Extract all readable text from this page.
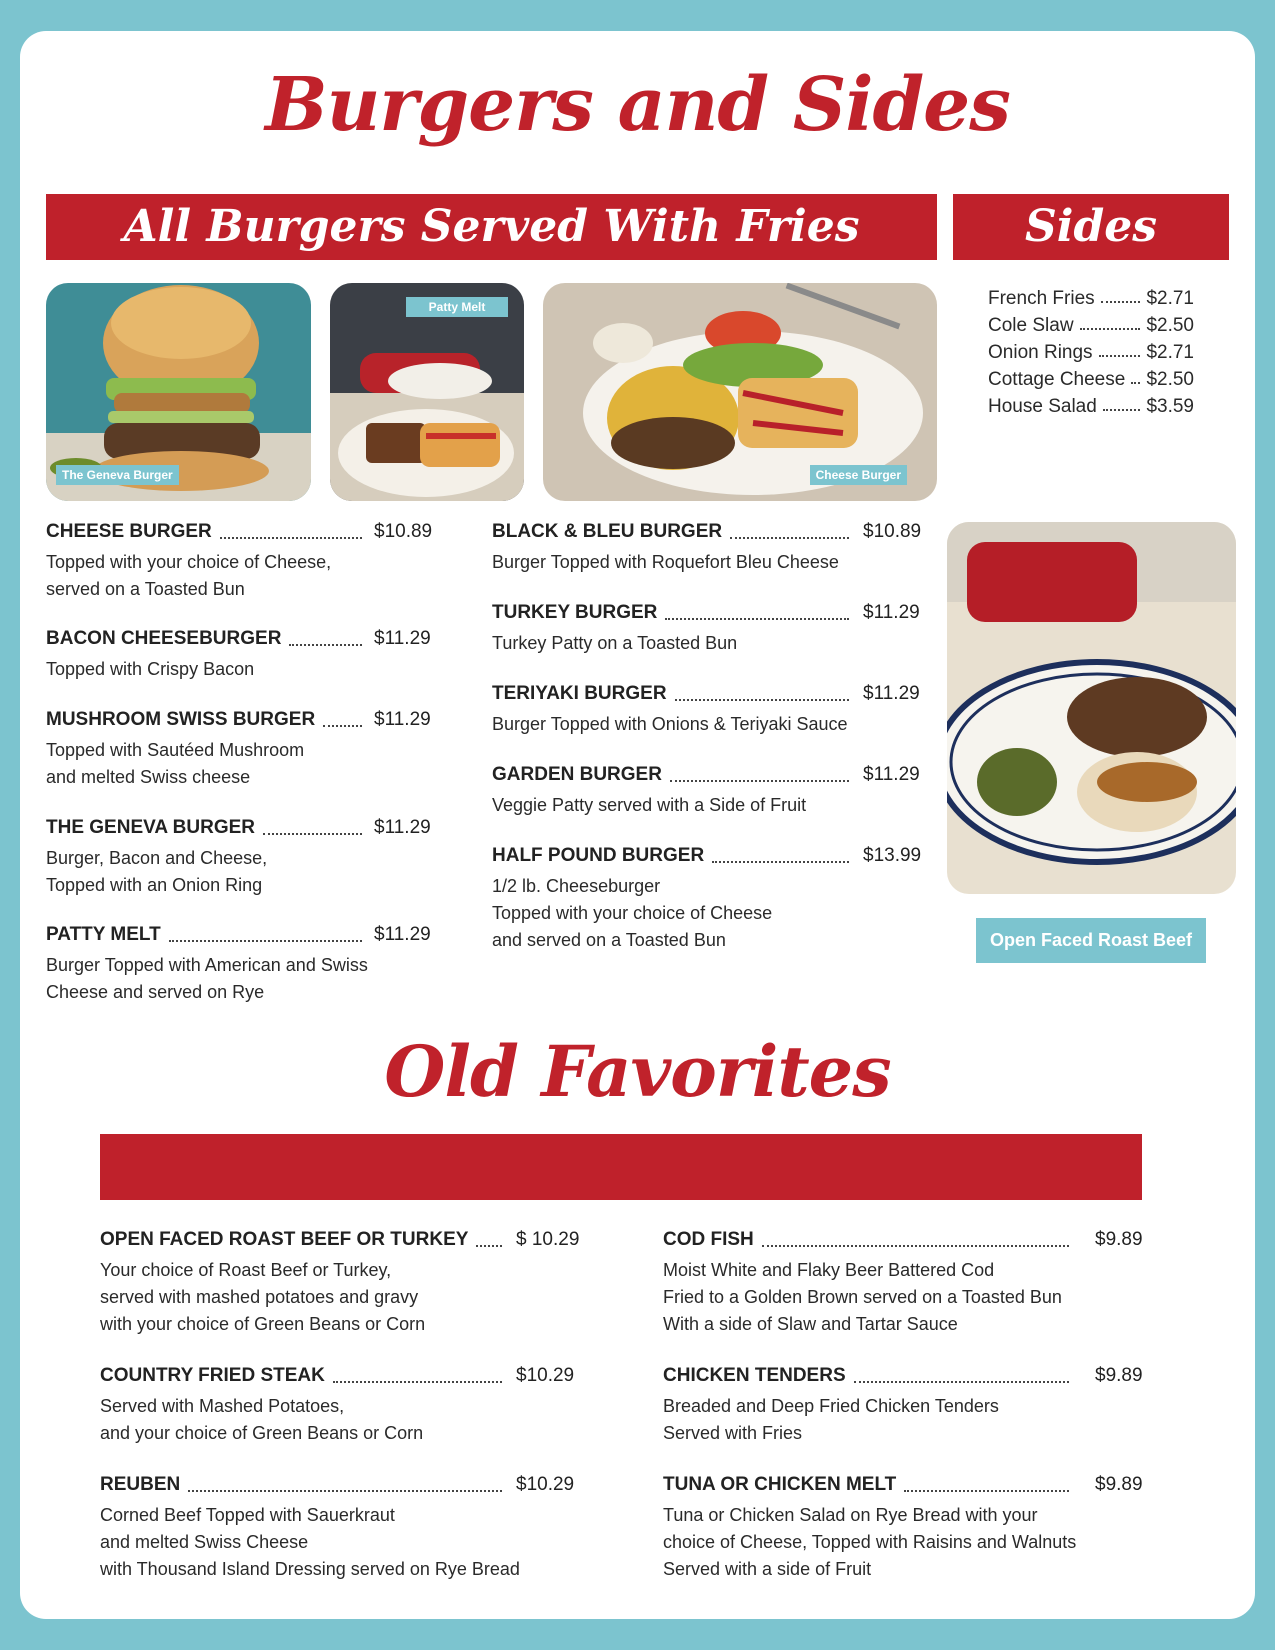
Burgers and Sides
All Burgers Served With Fries	Sides
The Geneva Burger
Patty Melt
Cheese Burger
Open Faced Roast Beef
French Fries	$2.71
Cole Slaw	$2.50
Onion Rings	$2.71
Cottage Cheese $2.50
House Salad	$3.59
CHEESE BURGER	$10.89
Topped with your choice of Cheese,
served on a Toasted Bun
BACON CHEESEBURGER	$11.29
Topped with Crispy Bacon
MUSHROOM SWISS BURGER	$11.29
Topped with Sautéed Mushroom
and melted Swiss cheese
THE GENEVA BURGER	$11.29
Burger, Bacon and Cheese,
Topped with an Onion Ring
PATTY MELT	$11.29
Burger Topped with American and Swiss
Cheese and served on Rye
BLACK & BLEU BURGER	$10.89
Burger Topped with Roquefort Bleu Cheese
TURKEY BURGER	$11.29
Turkey Patty on a Toasted Bun
TERIYAKI BURGER	$11.29
Burger Topped with Onions & Teriyaki Sauce
GARDEN BURGER	$11.29
Veggie Patty served with a Side of Fruit
HALF POUND BURGER	$13.99
1/2 lb. Cheeseburger
Topped with your choice of Cheese
and served on a Toasted Bun
Old Favorites
OPEN FACED ROAST BEEF OR TURKEY	$ 10.29
Your choice of Roast Beef or Turkey,
served with mashed potatoes and gravy
with your choice of Green Beans or Corn
COUNTRY FRIED STEAK	$10.29
Served with Mashed Potatoes,
and your choice of Green Beans or Corn
REUBEN	$10.29
Corned Beef Topped with Sauerkraut
and melted Swiss Cheese
with Thousand Island Dressing served on Rye Bread
COD FISH	$9.89
Moist White and Flaky Beer Battered Cod
Fried to a Golden Brown served on a Toasted Bun
With a side of Slaw and Tartar Sauce
CHICKEN TENDERS	$9.89
Breaded and Deep Fried Chicken Tenders
Served with Fries
TUNA OR CHICKEN MELT	$9.89
Tuna or Chicken Salad on Rye Bread with your
choice of Cheese, Topped with Raisins and Walnuts
Served with a side of Fruit
